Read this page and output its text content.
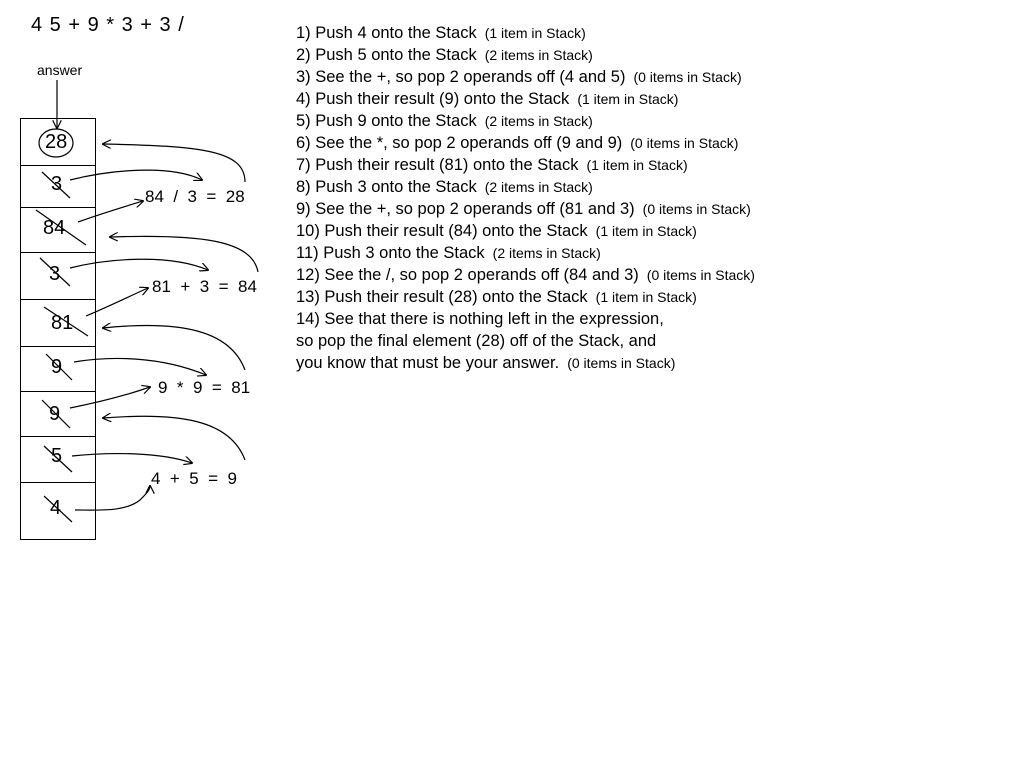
4 5 + 9 * 3 + 3 /
answer
28
3
84
3
81
9
9
5
4
84  /  3  =  28
81  +  3  =  84
9  *  9  =  81
4  +  5  =  9
1) Push 4 onto the Stack (1 item in Stack)
2) Push 5 onto the Stack (2 items in Stack)
3) See the +, so pop 2 operands off (4 and 5) (0 items in Stack)
4) Push their result (9) onto the Stack (1 item in Stack)
5) Push 9 onto the Stack (2 items in Stack)
6) See the *, so pop 2 operands off (9 and 9) (0 items in Stack)
7) Push their result (81) onto the Stack (1 item in Stack)
8) Push 3 onto the Stack (2 items in Stack)
9) See the +, so pop 2 operands off (81 and 3) (0 items in Stack)
10) Push their result (84) onto the Stack (1 item in Stack)
11) Push 3 onto the Stack (2 items in Stack)
12) See the /, so pop 2 operands off (84 and 3) (0 items in Stack)
13) Push their result (28) onto the Stack (1 item in Stack)
14) See that there is nothing left in the expression, so pop the final element (28) off of the Stack, and you know that must be your answer. (0 items in Stack)
